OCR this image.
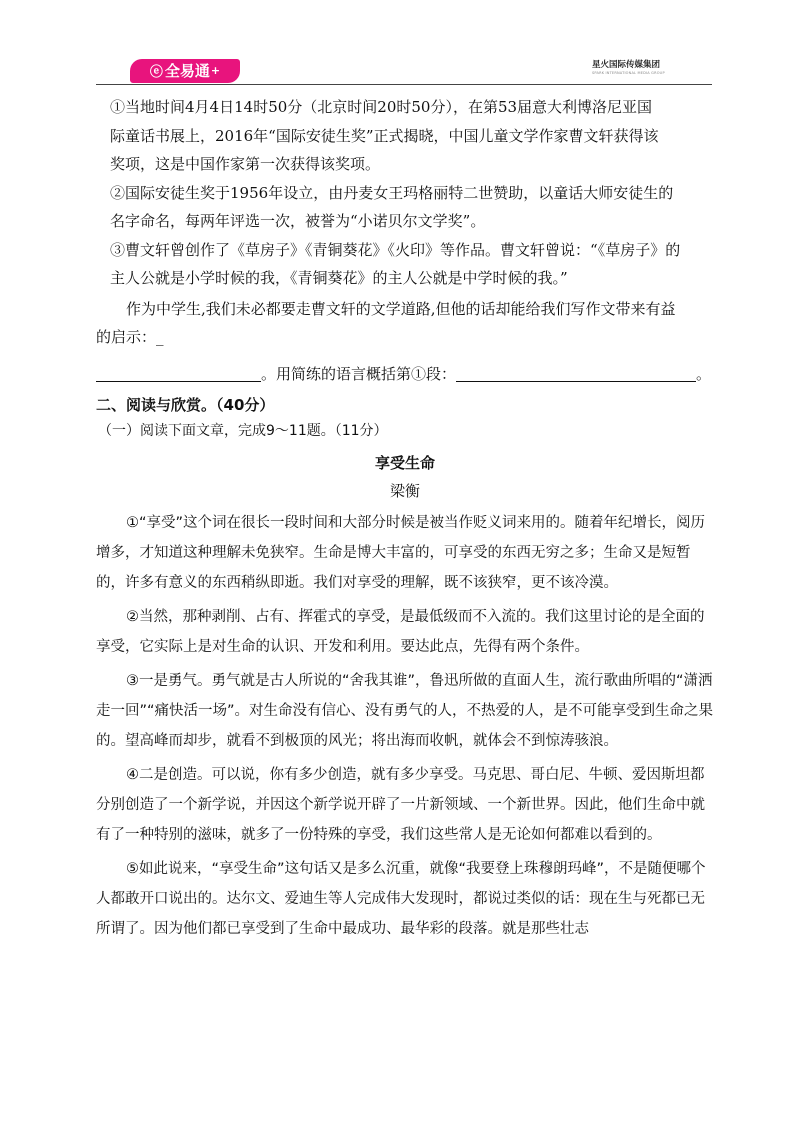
ⓔ 全易通+	星火国际传媒集团
SPARK INTERNATIONAL MEDIA GROUP
①当地时间4月4日14时50分（北京时间20时50分），在第53届意大利博洛尼亚国
际童话书展上，2016年“国际安徒生奖”正式揭晓，中国儿童文学作家曹文轩获得该
奖项，这是中国作家第一次获得该奖项。
②国际安徒生奖于1956年设立，由丹麦女王玛格丽特二世赞助，以童话大师安徒生的
名字命名，每两年评选一次，被誉为“小诺贝尔文学奖”。
③曹文轩曾创作了《草房子》《青铜葵花》《火印》等作品。曹文轩曾说：“《草房子》的
主人公就是小学时候的我，《青铜葵花》的主人公就是中学时候的我。”

作为中学生,我们未必都要走曹文轩的文学道路,但他的话却能给我们写作文带来有益

的启示：_

。用简练的语言概括第①段：	。

二、阅读与欣赏。（40分）
（一）阅读下面文章，完成9～11题。（11分）
享受生命
梁衡

①“享受”这个词在很长一段时间和大部分时候是被当作贬义词来用的。随着年纪增长，阅历增多，才知道这种理解未免狭窄。生命是博大丰富的，可享受的东西无穷之多；生命又是短暂的，许多有意义的东西稍纵即逝。我们对享受的理解，既不该狭窄，更不该冷漠。

②当然，那种剥削、占有、挥霍式的享受，是最低级而不入流的。我们这里讨论的是全面的享受，它实际上是对生命的认识、开发和利用。要达此点，先得有两个条件。

③一是勇气。勇气就是古人所说的“舍我其谁”，鲁迅所做的直面人生，流行歌曲所唱的“潇洒走一回”“痛快活一场”。对生命没有信心、没有勇气的人，不热爱的人，是不可能享受到生命之果的。望高峰而却步，就看不到极顶的风光；将出海而收帆，就体会不到惊涛骇浪。

④二是创造。可以说，你有多少创造，就有多少享受。马克思、哥白尼、牛顿、爱因斯坦都分别创造了一个新学说，并因这个新学说开辟了一片新领域、一个新世界。因此，他们生命中就有了一种特别的滋味，就多了一份特殊的享受，我们这些常人是无论如何都难以看到的。

⑤如此说来，“享受生命”这句话又是多么沉重，就像“我要登上珠穆朗玛峰”，不是随便哪个人都敢开口说出的。达尔文、爱迪生等人完成伟大发现时，都说过类似的话：现在生与死都已无所谓了。因为他们都已享受到了生命中最成功、最华彩的段落。就是那些壮志
